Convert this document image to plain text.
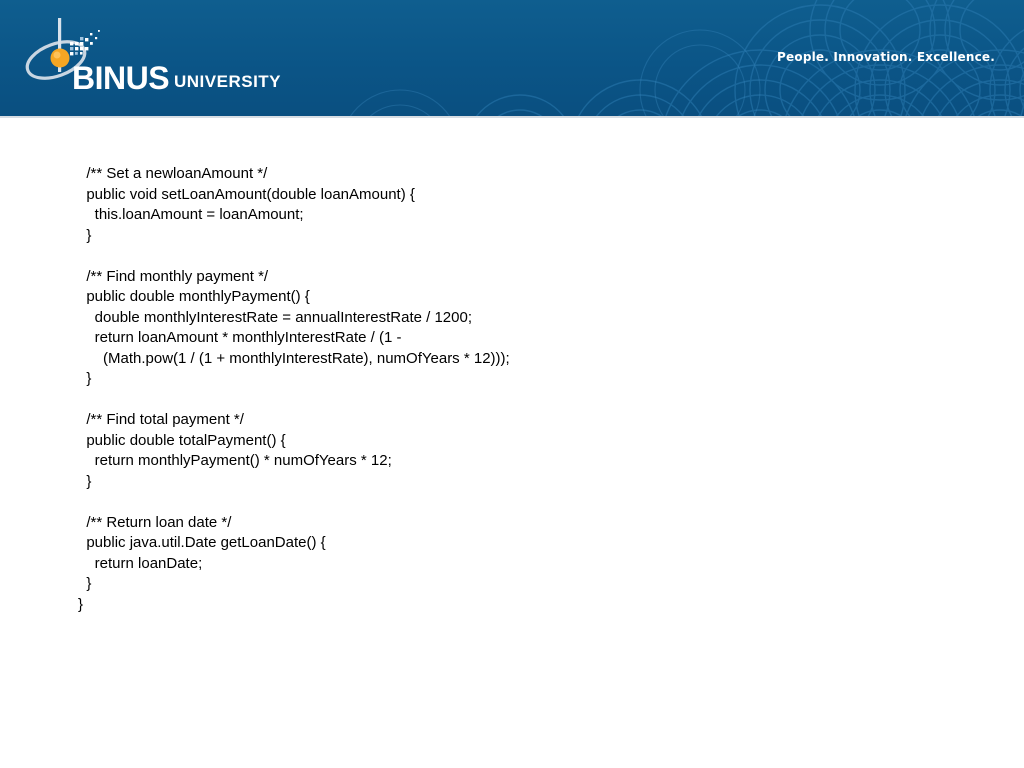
BINUS UNIVERSITY
People. Innovation. Excellence.
/** Set a newloanAmount */
public void setLoanAmount(double loanAmount) {
this.loanAmount = loanAmount;
}
/** Find monthly payment */
public double monthlyPayment() {
double monthlyInterestRate = annualInterestRate / 1200;
return loanAmount * monthlyInterestRate / (1 -
(Math.pow(1 / (1 + monthlyInterestRate), numOfYears * 12)));
}
/** Find total payment */
public double totalPayment() {
return monthlyPayment() * numOfYears * 12;
}
/** Return loan date */
public java.util.Date getLoanDate() {
return loanDate;
}
}
